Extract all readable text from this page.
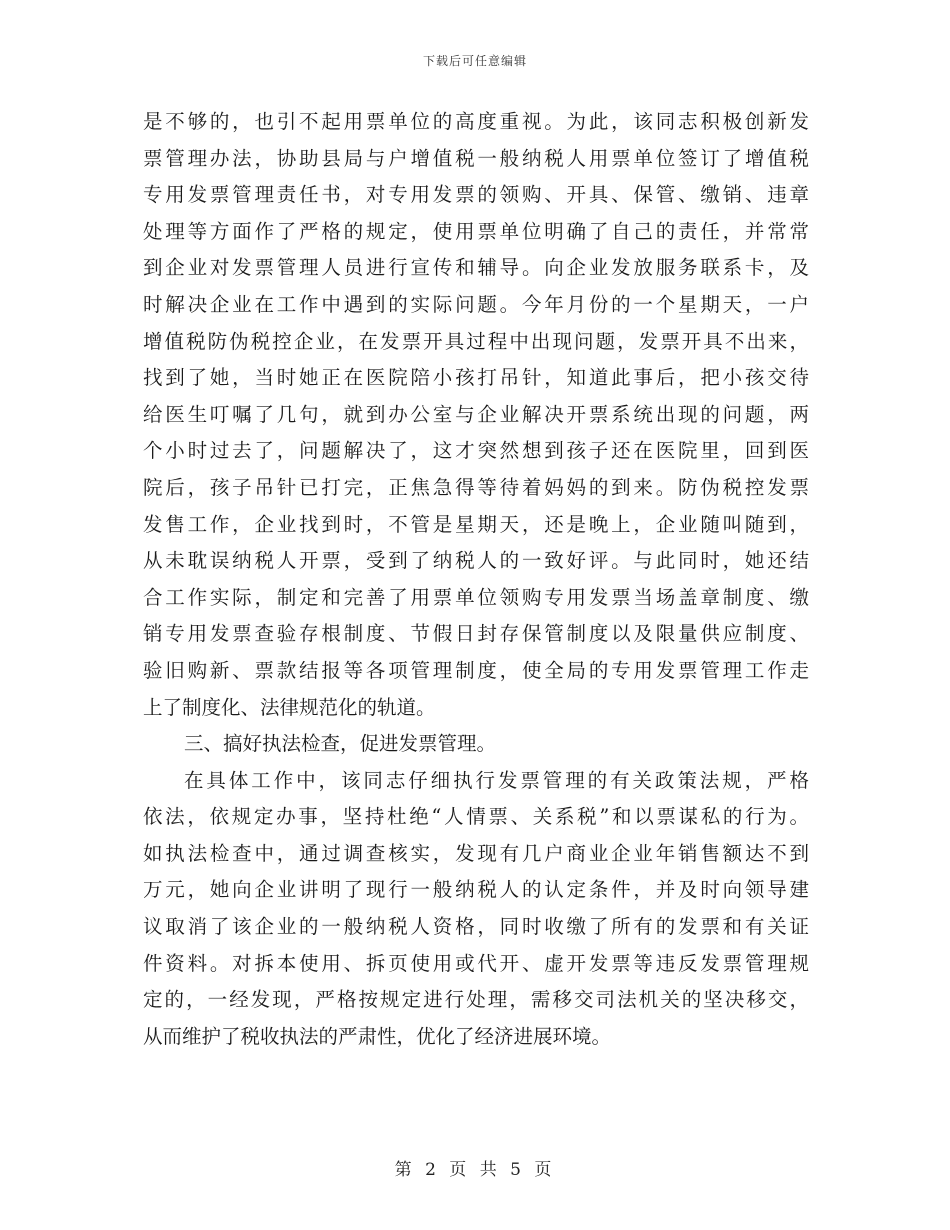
下载后可任意编辑
是不够的，也引不起用票单位的高度重视。为此，该同志积极创新发
票管理办法，协助县局与户增值税一般纳税人用票单位签订了增值税
专用发票管理责任书，对专用发票的领购、开具、保管、缴销、违章
处理等方面作了严格的规定，使用票单位明确了自己的责任，并常常
到企业对发票管理人员进行宣传和辅导。向企业发放服务联系卡，及
时解决企业在工作中遇到的实际问题。今年月份的一个星期天，一户
增值税防伪税控企业，在发票开具过程中出现问题，发票开具不出来，
找到了她，当时她正在医院陪小孩打吊针，知道此事后，把小孩交待
给医生叮嘱了几句，就到办公室与企业解决开票系统出现的问题，两
个小时过去了，问题解决了，这才突然想到孩子还在医院里，回到医
院后，孩子吊针已打完，正焦急得等待着妈妈的到来。防伪税控发票
发售工作，企业找到时，不管是星期天，还是晚上，企业随叫随到，
从未耽误纳税人开票，受到了纳税人的一致好评。与此同时，她还结
合工作实际，制定和完善了用票单位领购专用发票当场盖章制度、缴
销专用发票查验存根制度、节假日封存保管制度以及限量供应制度、
验旧购新、票款结报等各项管理制度，使全局的专用发票管理工作走
上了制度化、法律规范化的轨道。
三、搞好执法检查，促进发票管理。
在具体工作中，该同志仔细执行发票管理的有关政策法规，严格
依法，依规定办事，坚持杜绝“人情票、关系税”和以票谋私的行为。
如执法检查中，通过调查核实，发现有几户商业企业年销售额达不到
万元，她向企业讲明了现行一般纳税人的认定条件，并及时向领导建
议取消了该企业的一般纳税人资格，同时收缴了所有的发票和有关证
件资料。对拆本使用、拆页使用或代开、虚开发票等违反发票管理规
定的，一经发现，严格按规定进行处理，需移交司法机关的坚决移交，
从而维护了税收执法的严肃性，优化了经济进展环境。
第 2 页 共 5 页
